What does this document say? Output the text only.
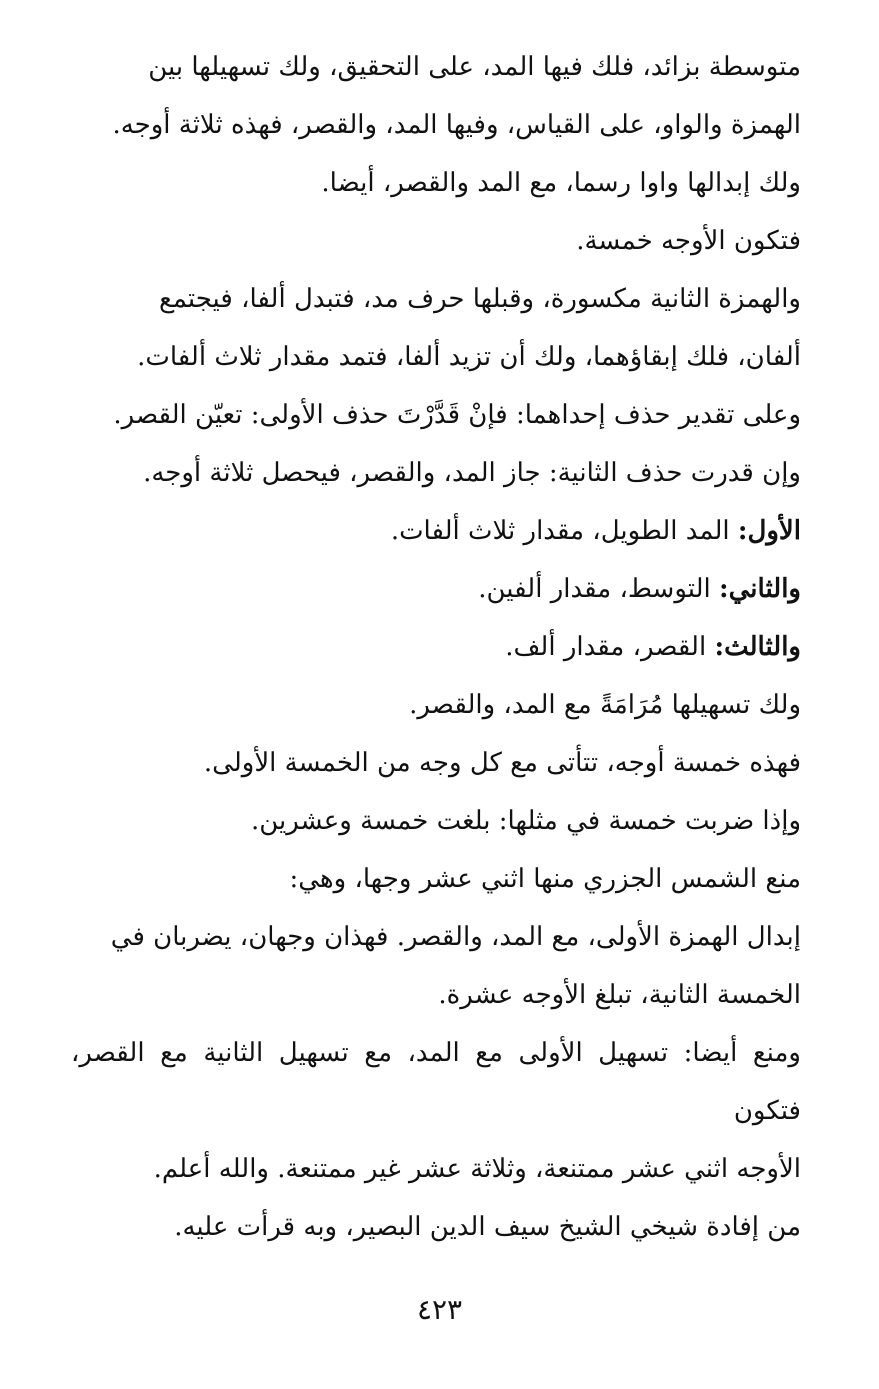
متوسطة بزائد، فلك فيها المد، على التحقيق، ولك تسهيلها بين
الهمزة والواو، على القياس، وفيها المد، والقصر، فهذه ثلاثة أوجه.

ولك إبدالها واوا رسما، مع المد والقصر، أيضا.

فتكون الأوجه خمسة.

والهمزة الثانية مكسورة، وقبلها حرف مد، فتبدل ألفا، فيجتمع
ألفان، فلك إبقاؤهما، ولك أن تزيد ألفا، فتمد مقدار ثلاث ألفات.

وعلى تقدير حذف إحداهما: فإنْ قَدَّرْتَ حذف الأولى: تعيّن القصر.

وإن قدرت حذف الثانية: جاز المد، والقصر، فيحصل ثلاثة أوجه.

الأول: المد الطويل، مقدار ثلاث ألفات.

والثاني: التوسط، مقدار ألفين.

والثالث: القصر، مقدار ألف.

ولك تسهيلها مُرَامَةً مع المد، والقصر.

فهذه خمسة أوجه، تتأتى مع كل وجه من الخمسة الأولى.

وإذا ضربت خمسة في مثلها: بلغت خمسة وعشرين.

منع الشمس الجزري منها اثني عشر وجها، وهي:

إبدال الهمزة الأولى، مع المد، والقصر. فهذان وجهان، يضربان في
الخمسة الثانية، تبلغ الأوجه عشرة.

ومنع أيضا: تسهيل الأولى مع المد، مع تسهيل الثانية مع القصر، فتكون
الأوجه اثني عشر ممتنعة، وثلاثة عشر غير ممتنعة. والله أعلم.

من إفادة شيخي الشيخ سيف الدين البصير، وبه قرأت عليه.

٤٢٣
